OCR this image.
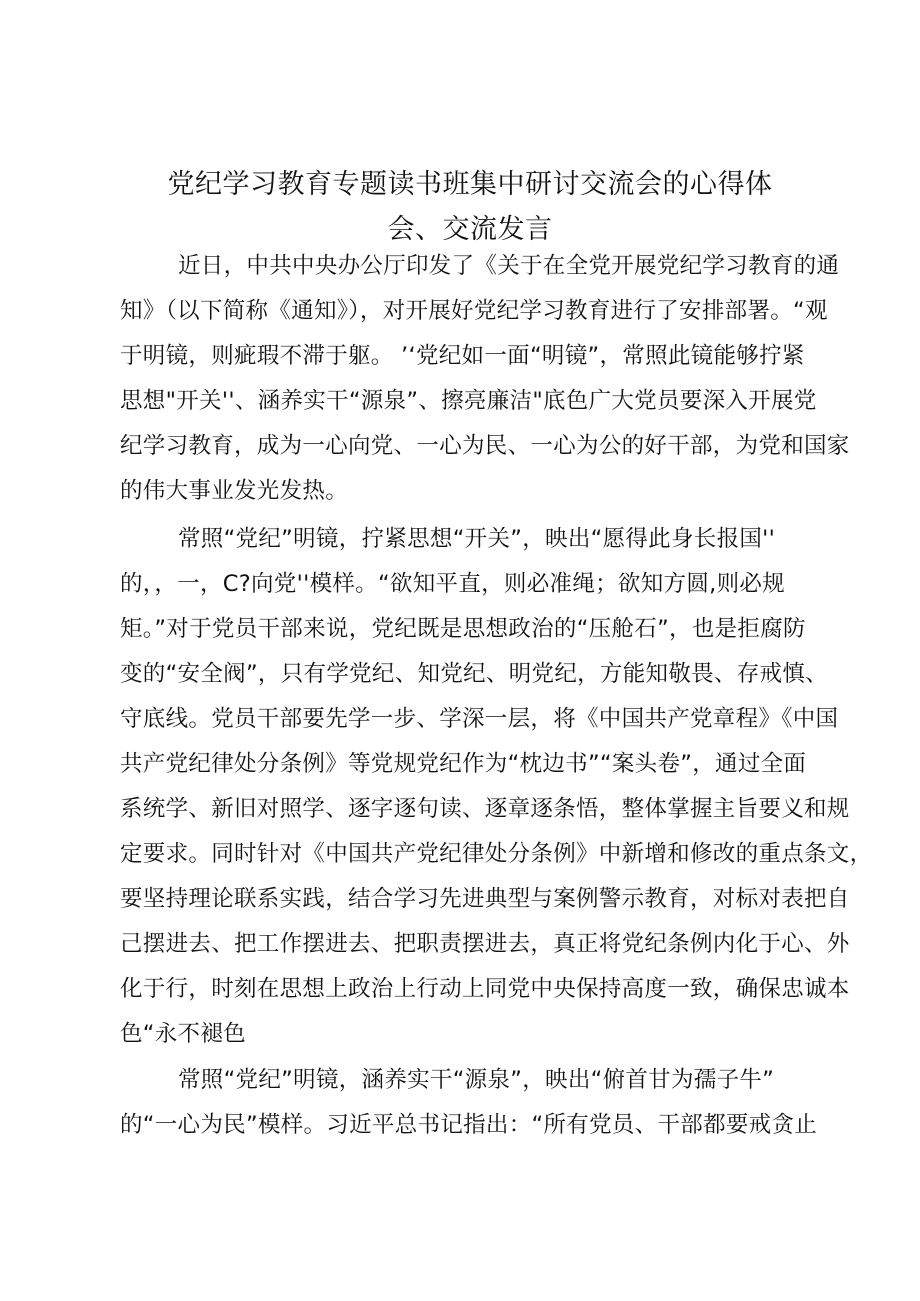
党纪学习教育专题读书班集中研讨交流会的心得体
会、交流发言
近日，中共中央办公厅印发了《关于在全党开展党纪学习教育的通
知》（以下简称《通知》），对开展好党纪学习教育进行了安排部署。“观
于明镜，则疵瑕不滞于躯。 ’‘党纪如一面“明镜”，常照此镜能够拧紧
思想"开关''、涵养实干“源泉”、擦亮廉洁"底色广大党员要深入开展党
纪学习教育，成为一心向党、一心为民、一心为公的好干部，为党和国家
的伟大事业发光发热。
常照“党纪”明镜，拧紧思想“开关”，映出“愿得此身长报国''
的，，一，C?向党''模样。“欲知平直，则必准绳；欲知方圆,则必规
矩。”对于党员干部来说，党纪既是思想政治的“压舱石”，也是拒腐防
变的“安全阀”，只有学党纪、知党纪、明党纪，方能知敬畏、存戒慎、
守底线。党员干部要先学一步、学深一层，将《中国共产党章程》《中国
共产党纪律处分条例》等党规党纪作为“枕边书”“案头卷”，通过全面
系统学、新旧对照学、逐字逐句读、逐章逐条悟，整体掌握主旨要义和规
定要求。同时针对《中国共产党纪律处分条例》中新增和修改的重点条文，
要坚持理论联系实践，结合学习先进典型与案例警示教育，对标对表把自
己摆进去、把工作摆进去、把职责摆进去，真正将党纪条例内化于心、外
化于行，时刻在思想上政治上行动上同党中央保持高度一致，确保忠诚本
色“永不褪色
常照“党纪”明镜，涵养实干“源泉”，映出“俯首甘为孺子牛”
的“一心为民”模样。习近平总书记指出：“所有党员、干部都要戒贪止
